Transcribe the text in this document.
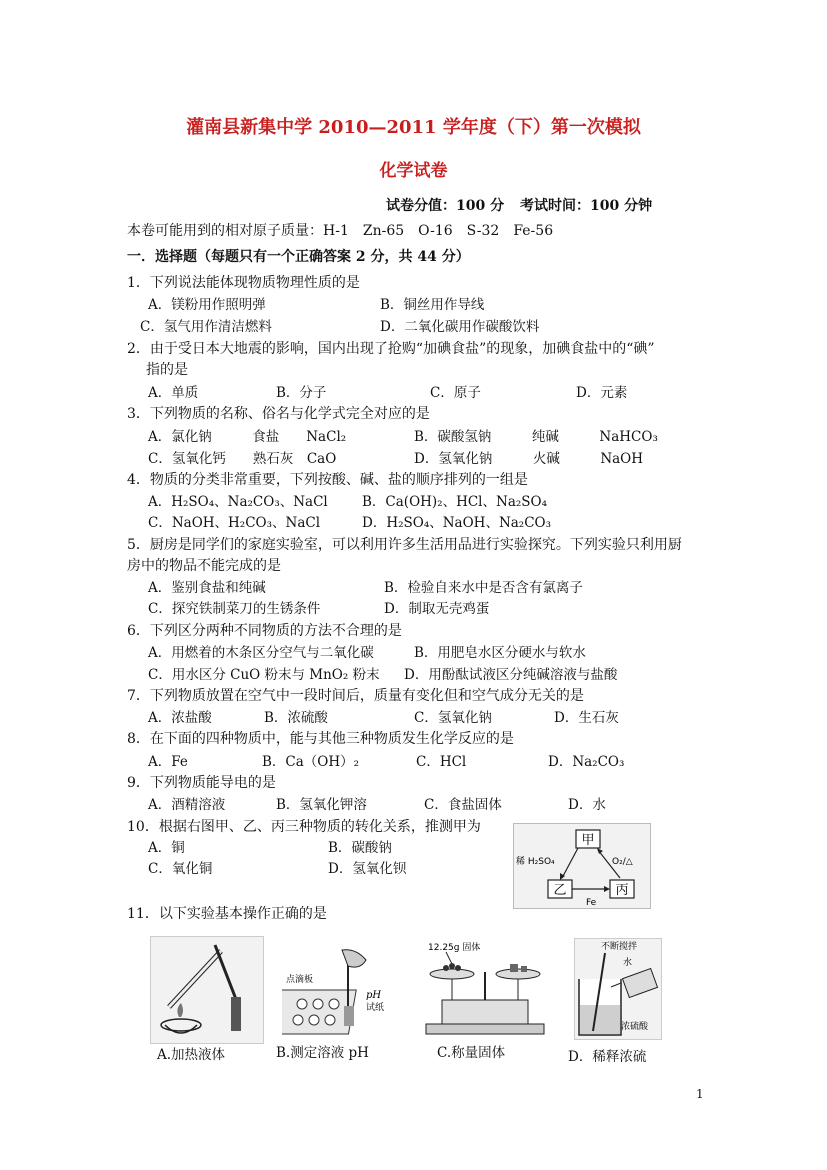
灌南县新集中学 2010—2011 学年度（下）第一次模拟
化学试卷
试卷分值：100 分 考试时间：100 分钟
本卷可能用到的相对原子质量：H-1　Zn-65　O-16　S-32　Fe-56
一．选择题（每题只有一个正确答案 2 分，共 44 分）
1．下列说法能体现物质物理性质的是
A．镁粉用作照明弹	B．铜丝用作导线
C．氢气用作清洁燃料	D．二氧化碳用作碳酸饮料
2．由于受日本大地震的影响，国内出现了抢购“加碘食盐”的现象，加碘食盐中的“碘”
指的是
A．单质	B．分子	C．原子	D．元素
3．下列物质的名称、俗名与化学式完全对应的是
A．氯化钠　　　食盐　　NaCl₂	B．碳酸氢钠　　　纯碱　　　NaHCO₃
C．氢氧化钙　　熟石灰　CaO	D．氢氧化钠　　　火碱　　　NaOH
4．物质的分类非常重要，下列按酸、碱、盐的顺序排列的一组是
A．H₂SO₄、Na₂CO₃、NaCl	B．Ca(OH)₂、HCl、Na₂SO₄
C．NaOH、H₂CO₃、NaCl	D．H₂SO₄、NaOH、Na₂CO₃
5．厨房是同学们的家庭实验室，可以利用许多生活用品进行实验探究。下列实验只利用厨
房中的物品不能完成的是
A．鉴别食盐和纯碱	B．检验自来水中是否含有氯离子
C．探究铁制菜刀的生锈条件	D．制取无壳鸡蛋
6．下列区分两种不同物质的方法不合理的是
A．用燃着的木条区分空气与二氧化碳	B．用肥皂水区分硬水与软水
C．用水区分 CuO 粉末与 MnO₂ 粉末 D．用酚酞试液区分纯碱溶液与盐酸
7．下列物质放置在空气中一段时间后，质量有变化但和空气成分无关的是
A．浓盐酸	B．浓硫酸	C．氢氧化钠	D．生石灰
8．在下面的四种物质中，能与其他三种物质发生化学反应的是
A．Fe	B．Ca（OH）₂	C．HCl	D．Na₂CO₃
9．下列物质能导电的是
A．酒精溶液	B．氢氧化钾溶	C．食盐固体	D．水
10．根据右图甲、乙、丙三种物质的转化关系，推测甲为
A．铜	B．碳酸钠
C．氧化铜	D．氢氧化钡
甲
乙	丙
稀 H₂SO₄	O₂/△
Fe
11．以下实验基本操作正确的是
A.加热液体
点滴板
pH
试纸
B.测定溶液 pH
12.25g 固体
C.称量固体
不断搅拌
水
浓硫酸
D．稀释浓硫
1
